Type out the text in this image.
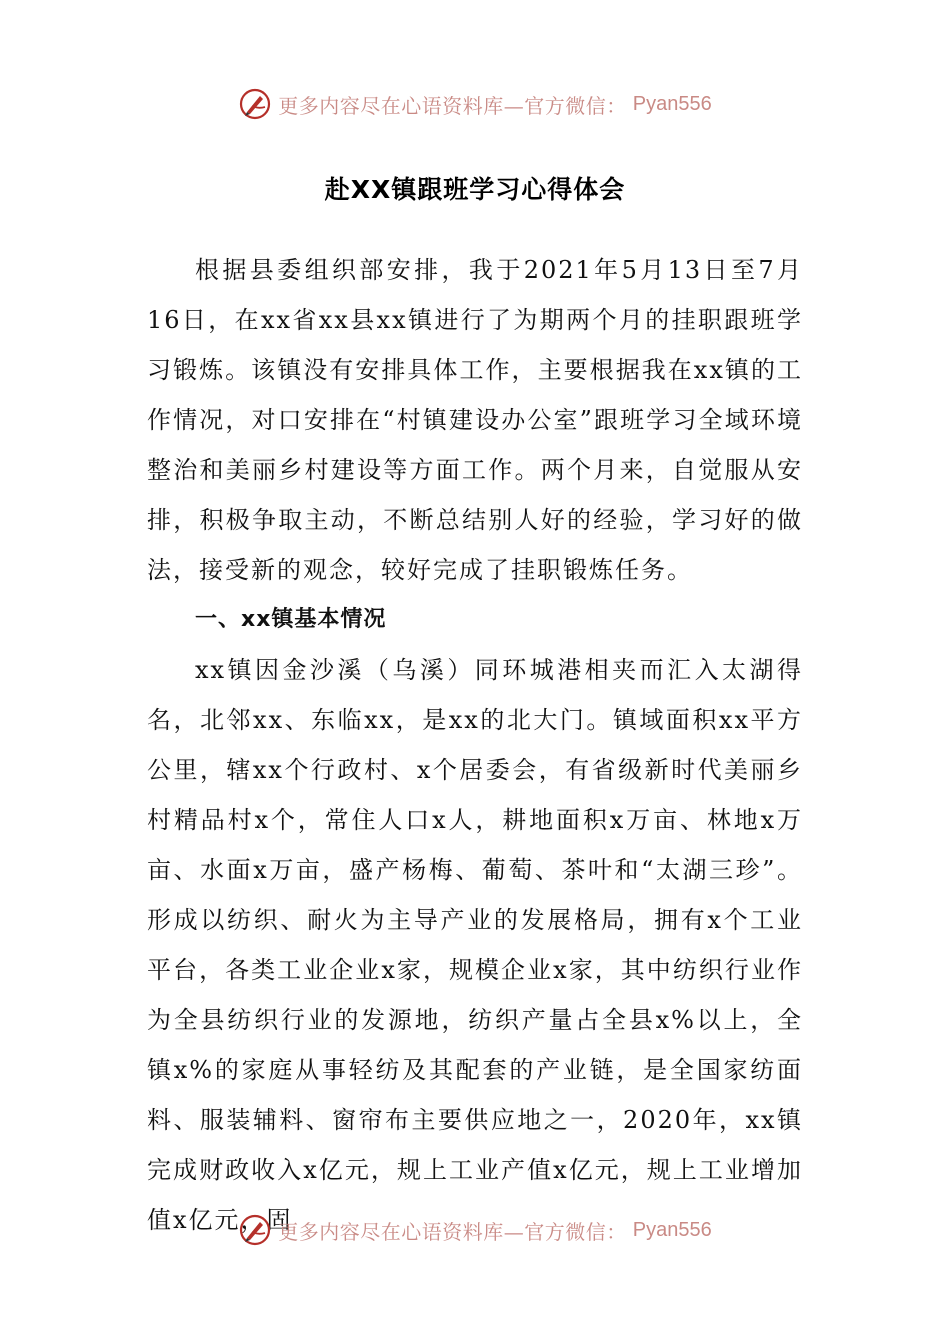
更多内容尽在心语资料库—官方微信： Pyan556
赴XX镇跟班学习心得体会

根据县委组织部安排，我于2021年5月13日至7月16日，在xx省xx县xx镇进行了为期两个月的挂职跟班学习锻炼。该镇没有安排具体工作，主要根据我在xx镇的工作情况，对口安排在“村镇建设办公室”跟班学习全域环境整治和美丽乡村建设等方面工作。两个月来，自觉服从安排，积极争取主动，不断总结别人好的经验，学习好的做法，接受新的观念，较好完成了挂职锻炼任务。

一、xx镇基本情况

xx镇因金沙溪（乌溪）同环城港相夹而汇入太湖得名，北邻xx、东临xx，是xx的北大门。镇域面积xx平方公里，辖xx个行政村、x个居委会，有省级新时代美丽乡村精品村x个，常住人口x人，耕地面积x万亩、林地x万亩、水面x万亩，盛产杨梅、葡萄、茶叶和“太湖三珍”。形成以纺织、耐火为主导产业的发展格局，拥有x个工业平台，各类工业企业x家，规模企业x家，其中纺织行业作为全县纺织行业的发源地，纺织产量占全县x%以上，全镇x%的家庭从事轻纺及其配套的产业链，是全国家纺面料、服装辅料、窗帘布主要供应地之一，2020年，xx镇完成财政收入x亿元，规上工业产值x亿元，规上工业增加值x亿元，固

更多内容尽在心语资料库—官方微信： Pyan556
